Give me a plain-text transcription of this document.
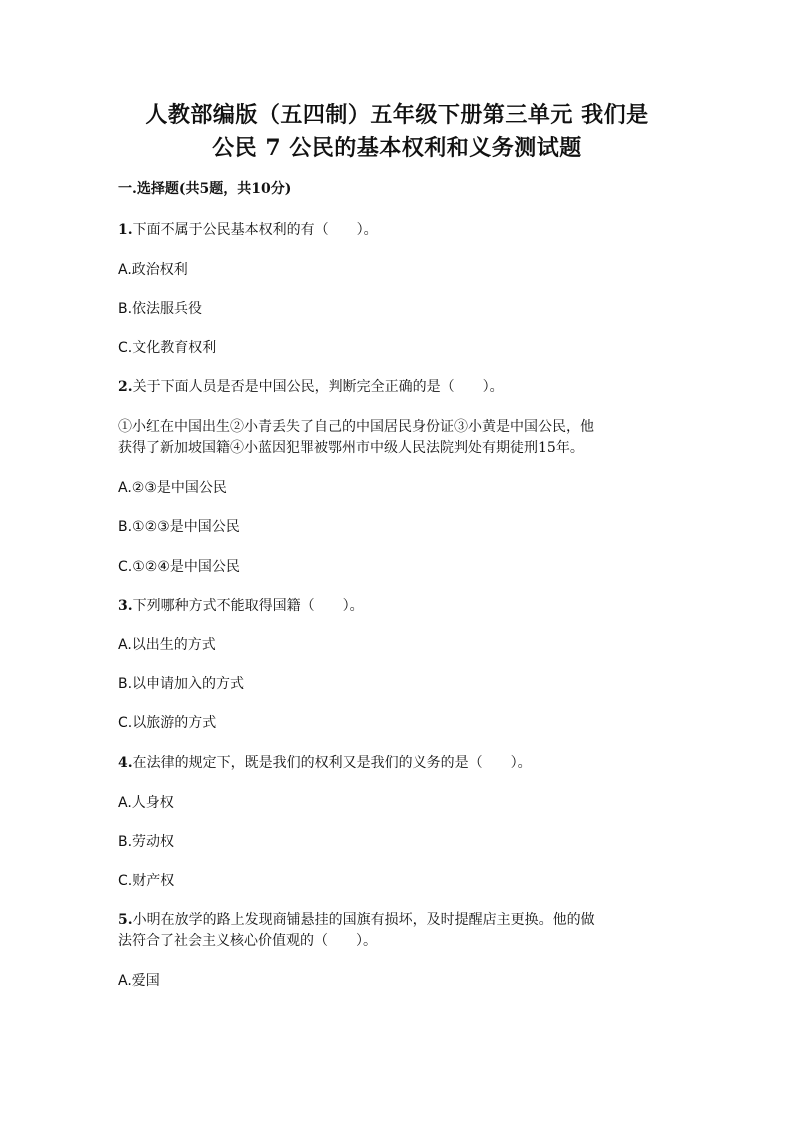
人教部编版（五四制）五年级下册第三单元 我们是
公民 7 公民的基本权利和义务测试题
一.选择题(共5题，共10分)
1.下面不属于公民基本权利的有（　　）。
A.政治权利
B.依法服兵役
C.文化教育权利
2.关于下面人员是否是中国公民，判断完全正确的是（　　）。
①小红在中国出生②小青丢失了自己的中国居民身份证③小黄是中国公民，他
获得了新加坡国籍④小蓝因犯罪被鄂州市中级人民法院判处有期徒刑15年。
A.②③是中国公民
B.①②③是中国公民
C.①②④是中国公民
3.下列哪种方式不能取得国籍（　　）。
A.以出生的方式
B.以申请加入的方式
C.以旅游的方式
4.在法律的规定下，既是我们的权利又是我们的义务的是（　　）。
A.人身权
B.劳动权
C.财产权
5.小明在放学的路上发现商铺悬挂的国旗有损坏，及时提醒店主更换。他的做
法符合了社会主义核心价值观的（　　）。
A.爱国
